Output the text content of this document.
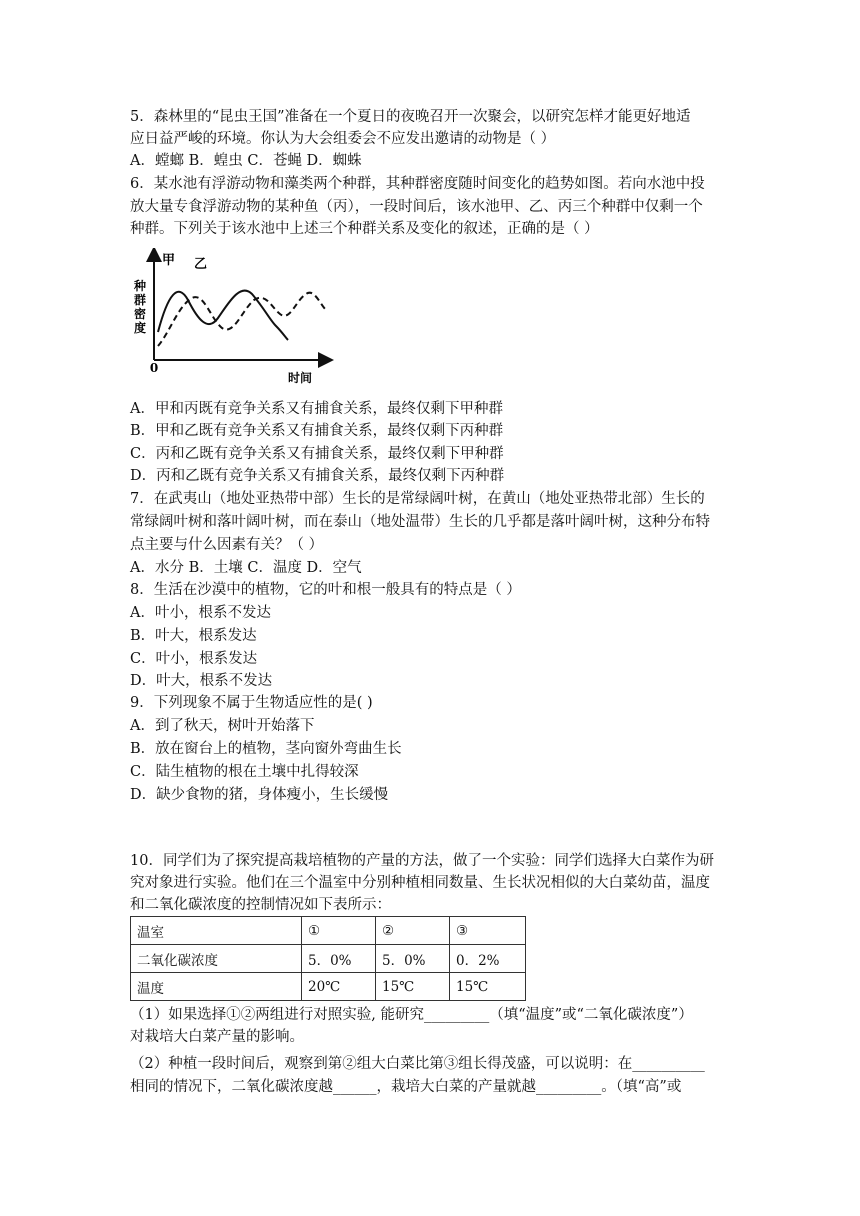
5．森林里的“昆虫王国”准备在一个夏日的夜晚召开一次聚会，以研究怎样才能更好地适
应日益严峻的环境。你认为大会组委会不应发出邀请的动物是（ ）
A．螳螂 B．蝗虫 C．苍蝇 D．蜘蛛
6．某水池有浮游动物和藻类两个种群，其种群密度随时间变化的趋势如图。若向水池中投
放大量专食浮游动物的某种鱼（丙），一段时间后，该水池甲、乙、丙三个种群中仅剩一个
种群。下列关于该水池中上述三个种群关系及变化的叙述，正确的是（ ）
甲 乙
0
时间
种群密度
A．甲和丙既有竞争关系又有捕食关系，最终仅剩下甲种群
B．甲和乙既有竞争关系又有捕食关系，最终仅剩下丙种群
C．丙和乙既有竞争关系又有捕食关系，最终仅剩下甲种群
D．丙和乙既有竞争关系又有捕食关系，最终仅剩下丙种群
7．在武夷山（地处亚热带中部）生长的是常绿阔叶树，在黄山（地处亚热带北部）生长的
常绿阔叶树和落叶阔叶树，而在泰山（地处温带）生长的几乎都是落叶阔叶树，这种分布特
点主要与什么因素有关？（ ）
A．水分 B．土壤 C．温度 D．空气
8．生活在沙漠中的植物，它的叶和根一般具有的特点是（ ）
A．叶小，根系不发达
B．叶大，根系发达
C．叶小，根系发达
D．叶大，根系不发达
9．下列现象不属于生物适应性的是( )
A．到了秋天，树叶开始落下
B．放在窗台上的植物，茎向窗外弯曲生长
C．陆生植物的根在土壤中扎得较深
D．缺少食物的猪，身体瘦小，生长缓慢
10．同学们为了探究提高栽培植物的产量的方法，做了一个实验：同学们选择大白菜作为研
究对象进行实验。他们在三个温室中分别种植相同数量、生长状况相似的大白菜幼苗，温度
和二氧化碳浓度的控制情况如下表所示：
温室	①	②	③
二氧化碳浓度	5．0%	5．0%	0．2%
温度	20℃	15℃	15℃
（1）如果选择①②两组进行对照实验, 能研究_________（填“温度”或“二氧化碳浓度”）
对栽培大白菜产量的影响。
（2）种植一段时间后，观察到第②组大白菜比第③组长得茂盛，可以说明：在__________
相同的情况下，二氧化碳浓度越______，栽培大白菜的产量就越_________。（填“高”或
